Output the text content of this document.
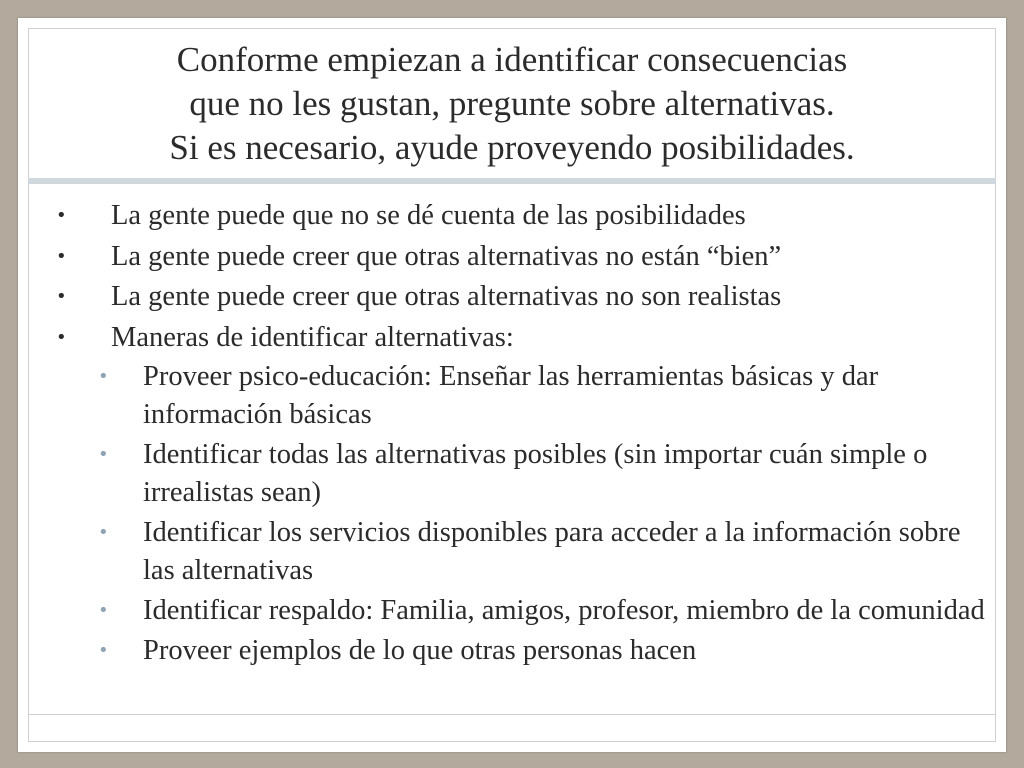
Conforme empiezan a identificar consecuencias
que no les gustan, pregunte sobre alternativas.
Si es necesario, ayude proveyendo posibilidades.
• La gente puede que no se dé cuenta de las posibilidades
• La gente puede creer que otras alternativas no están “bien”
• La gente puede creer que otras alternativas no son realistas
• Maneras de identificar alternativas:
• Proveer psico-educación: Enseñar las herramientas básicas y dar información básicas
• Identificar todas las alternativas posibles (sin importar cuán simple o irrealistas sean)
• Identificar los servicios disponibles para acceder a la información sobre las alternativas
• Identificar respaldo: Familia, amigos, profesor, miembro de la comunidad
• Proveer ejemplos de lo que otras personas hacen
